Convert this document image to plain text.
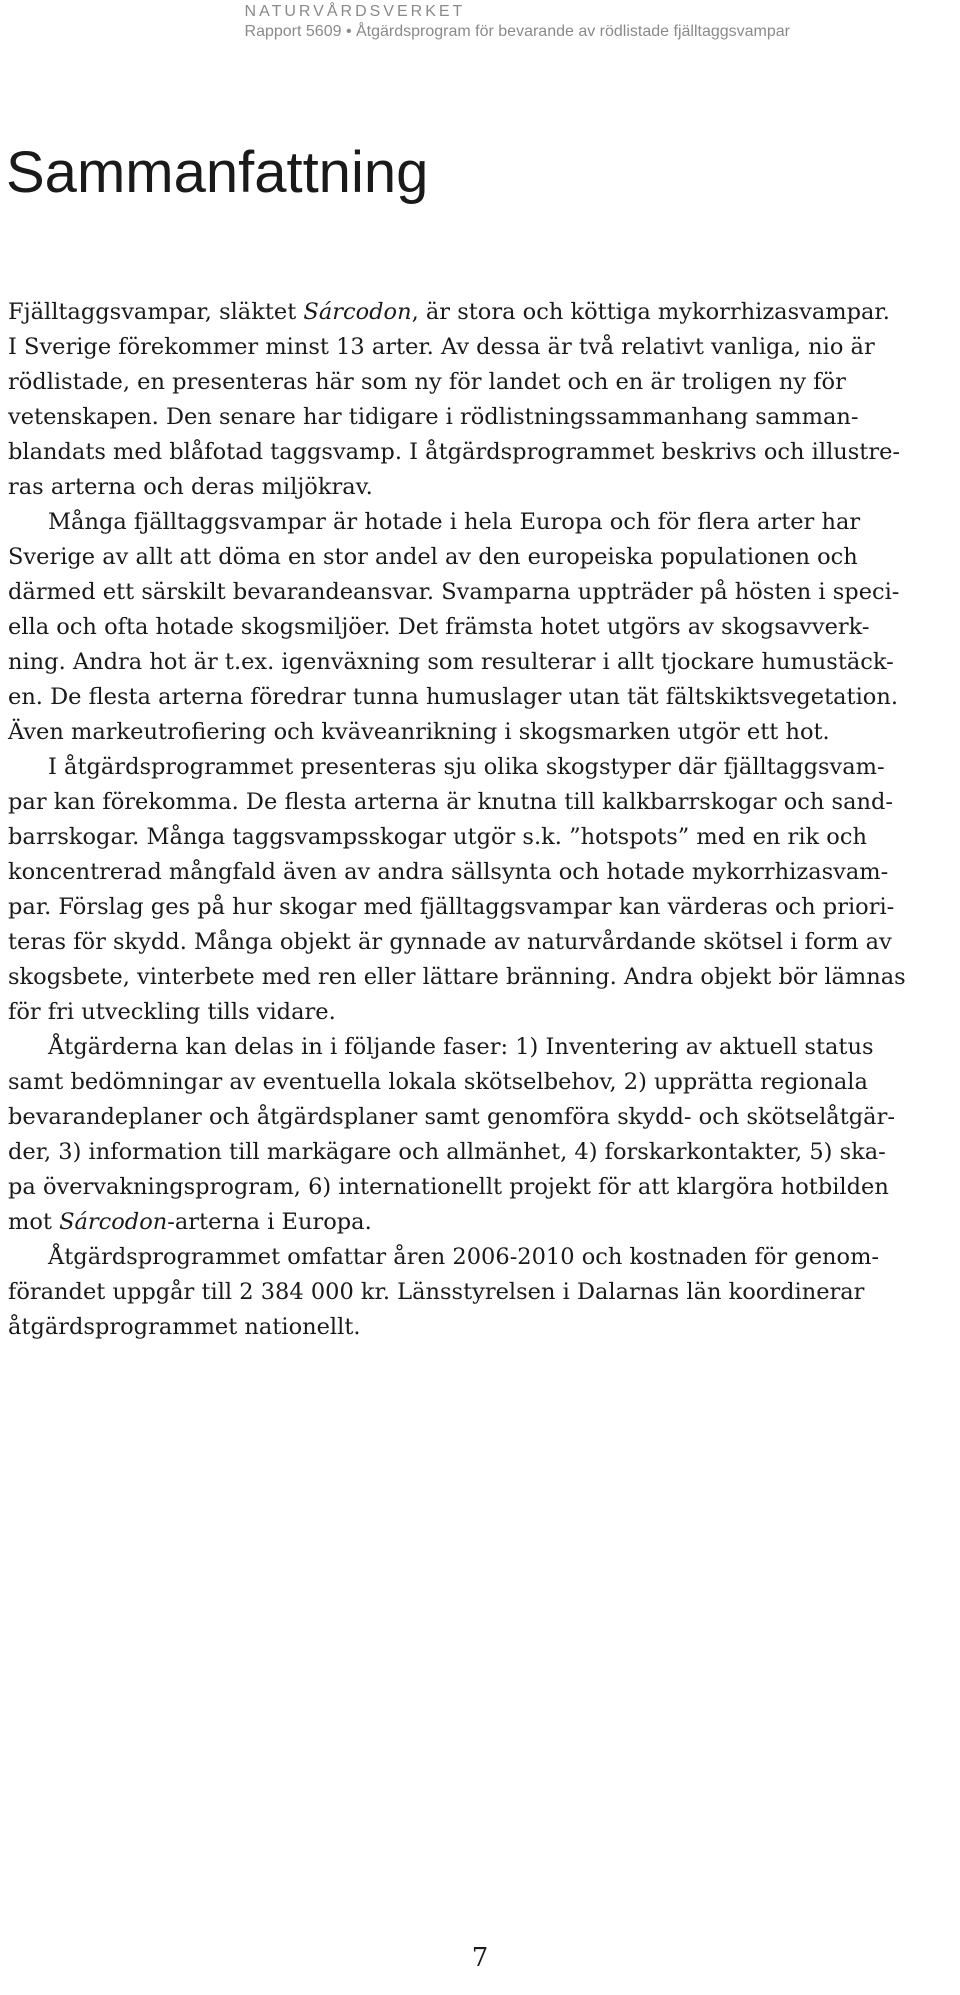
NATURVÅRDSVERKET
Rapport 5609 • Åtgärdsprogram för bevarande av rödlistade fjälltaggsvampar
Sammanfattning

Fjälltaggsvampar, släktet Sárcodon, är stora och köttiga mykorrhizasvampar.
I Sverige förekommer minst 13 arter. Av dessa är två relativt vanliga, nio är
rödlistade, en presenteras här som ny för landet och en är troligen ny för
vetenskapen. Den senare har tidigare i rödlistningssammanhang samman-
blandats med blåfotad taggsvamp. I åtgärdsprogrammet beskrivs och illustre-
ras arterna och deras miljökrav.

Många fjälltaggsvampar är hotade i hela Europa och för flera arter har
Sverige av allt att döma en stor andel av den europeiska populationen och
därmed ett särskilt bevarandeansvar. Svamparna uppträder på hösten i speci-
ella och ofta hotade skogsmiljöer. Det främsta hotet utgörs av skogsavverk-
ning. Andra hot är t.ex. igenväxning som resulterar i allt tjockare humustäck-
en. De flesta arterna föredrar tunna humuslager utan tät fältskiktsvegetation.
Även markeutrofiering och kväveanrikning i skogsmarken utgör ett hot.

I åtgärdsprogrammet presenteras sju olika skogstyper där fjälltaggsvam-
par kan förekomma. De flesta arterna är knutna till kalkbarrskogar och sand-
barrskogar. Många taggsvampsskogar utgör s.k. ”hotspots” med en rik och
koncentrerad mångfald även av andra sällsynta och hotade mykorrhizasvam-
par. Förslag ges på hur skogar med fjälltaggsvampar kan värderas och priori-
teras för skydd. Många objekt är gynnade av naturvårdande skötsel i form av
skogsbete, vinterbete med ren eller lättare bränning. Andra objekt bör lämnas
för fri utveckling tills vidare.

Åtgärderna kan delas in i följande faser: 1) Inventering av aktuell status
samt bedömningar av eventuella lokala skötselbehov, 2) upprätta regionala
bevarandeplaner och åtgärdsplaner samt genomföra skydd- och skötselåtgär-
der, 3) information till markägare och allmänhet, 4) forskarkontakter, 5) ska-
pa övervakningsprogram, 6) internationellt projekt för att klargöra hotbilden
mot Sárcodon-arterna i Europa.

Åtgärdsprogrammet omfattar åren 2006-2010 och kostnaden för genom-
förandet uppgår till 2 384 000 kr. Länsstyrelsen i Dalarnas län koordinerar
åtgärdsprogrammet nationellt.

7
